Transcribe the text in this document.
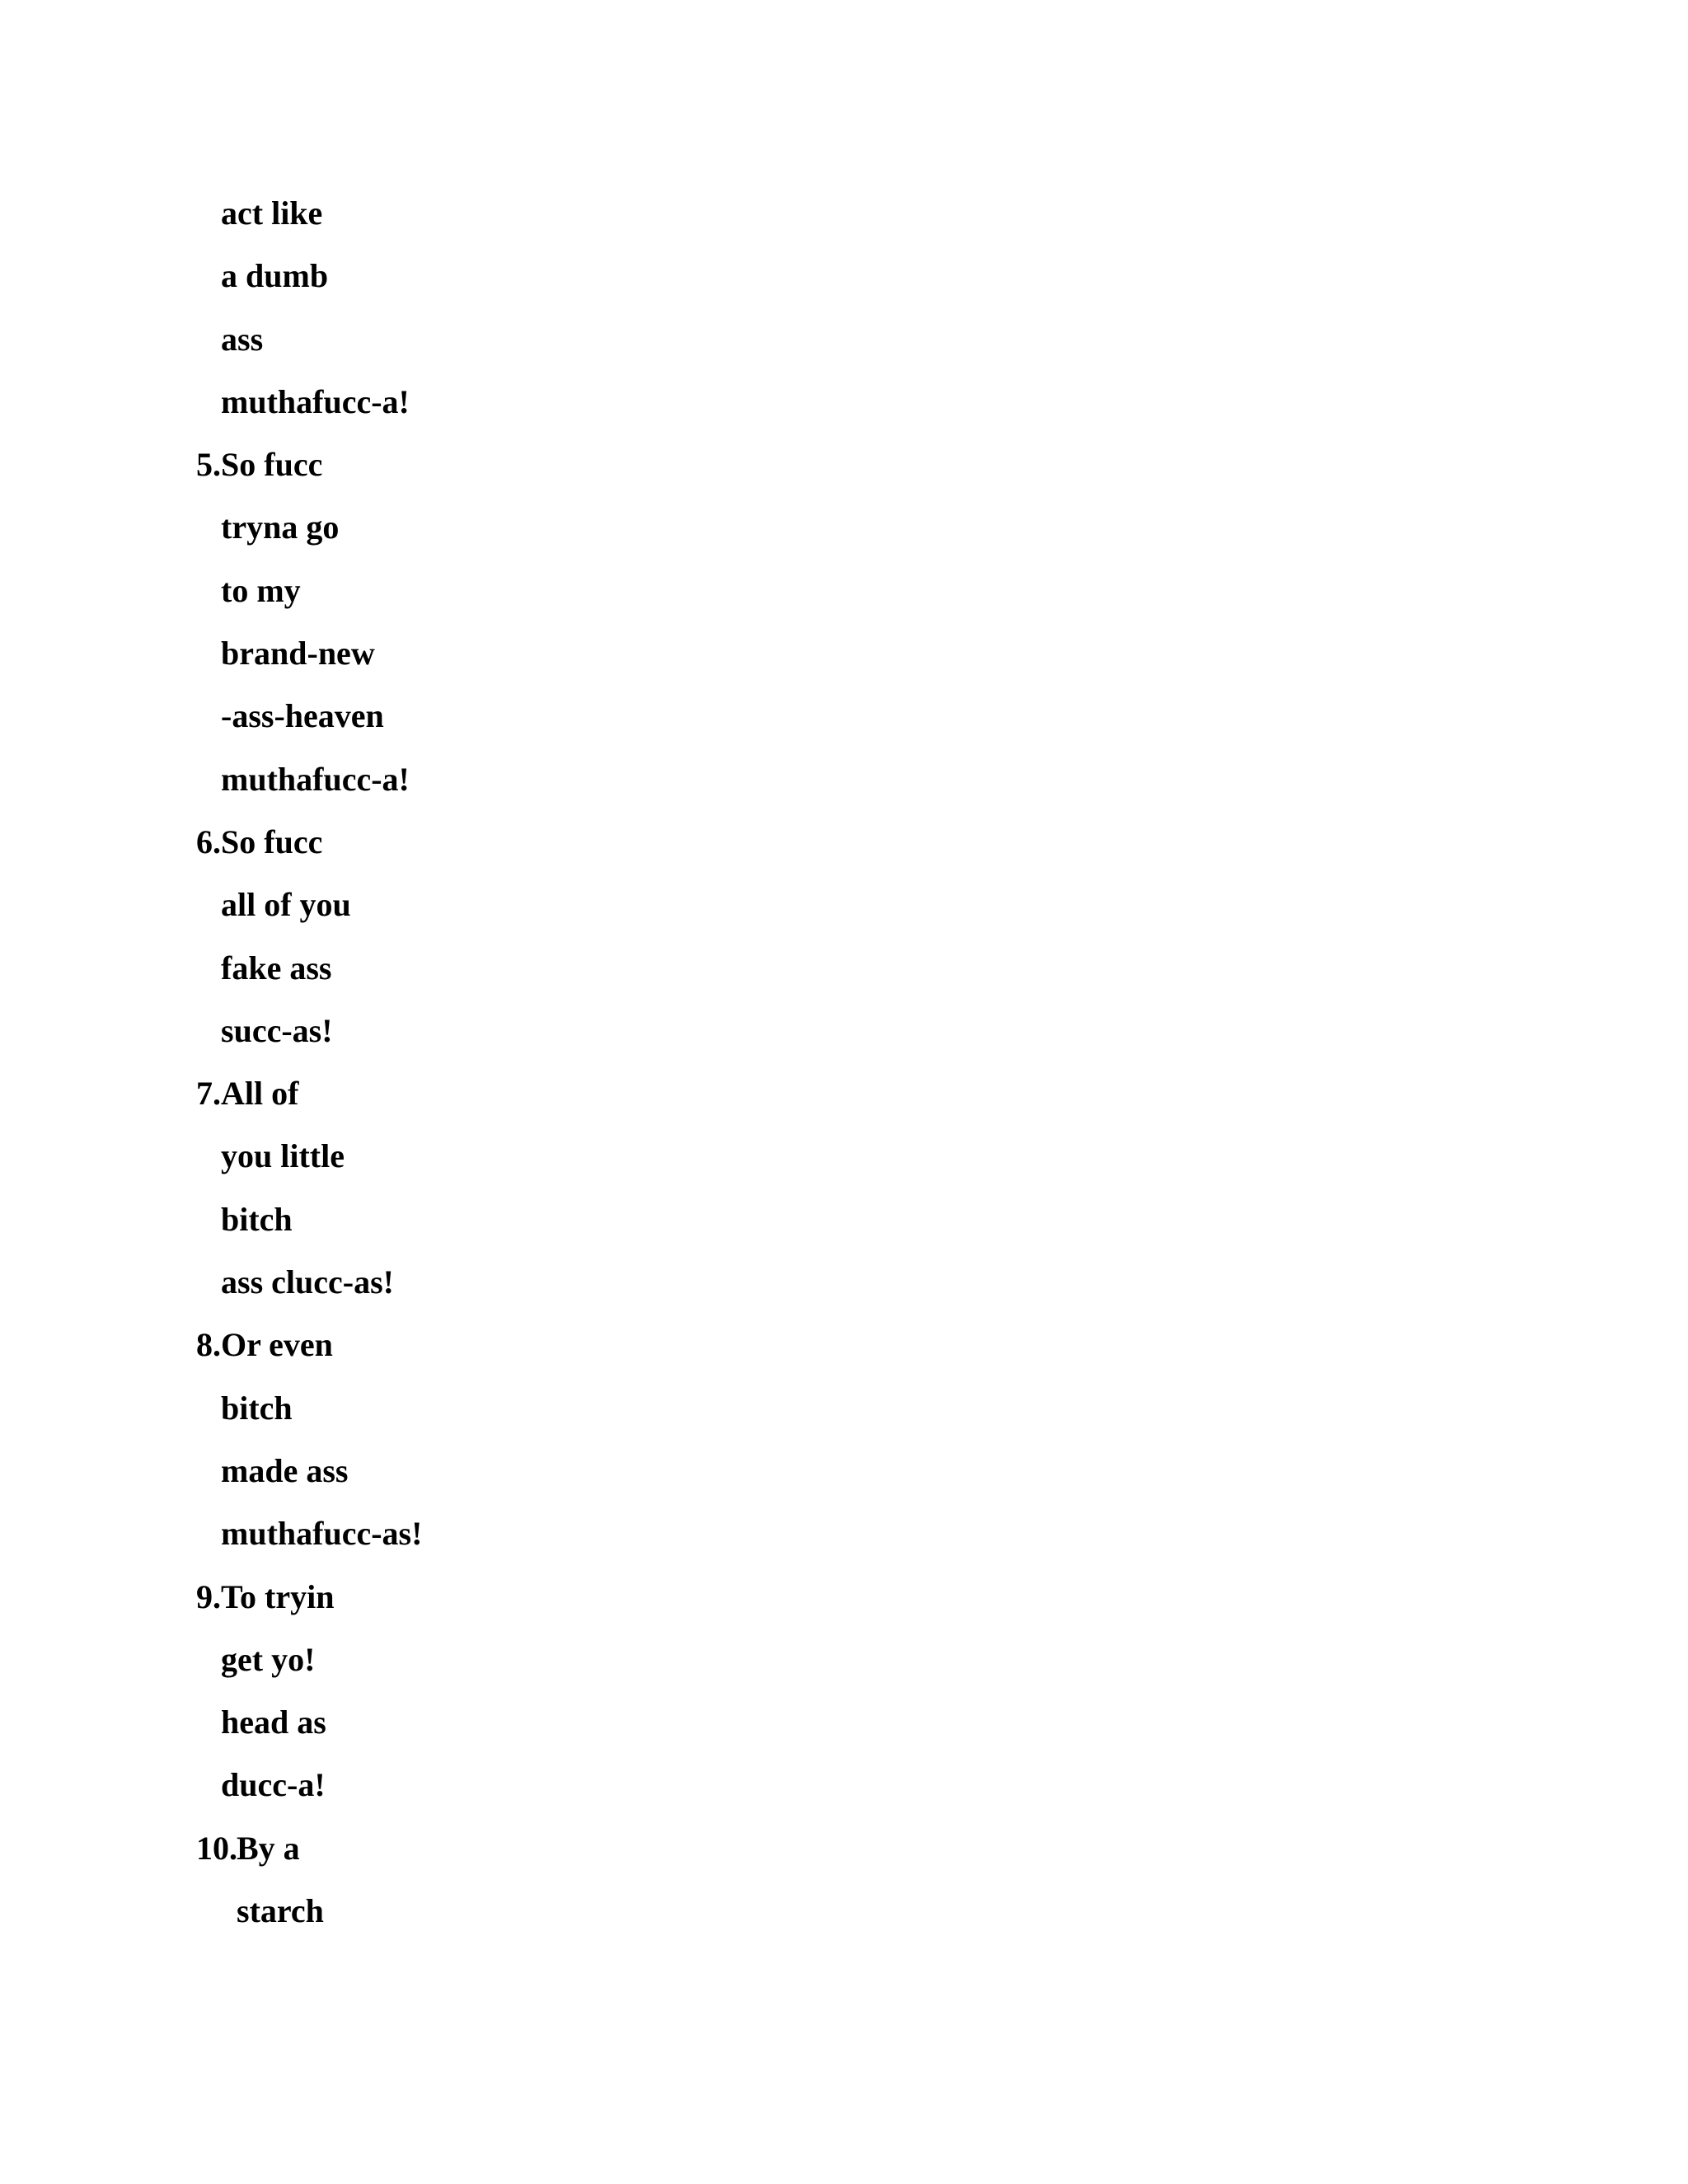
act like

a dumb

ass

muthafucc-a!

5.

So fucc

tryna go

to my

brand-new

-ass-heaven

muthafucc-a!

6.

So fucc

all of you

fake ass

succ-as!

7.

All of

you little

bitch

ass clucc-as!

8.

Or even

bitch

made ass

muthafucc-as!

9.

To tryin

get yo!

head as

ducc-a!

10.

By a

starch
